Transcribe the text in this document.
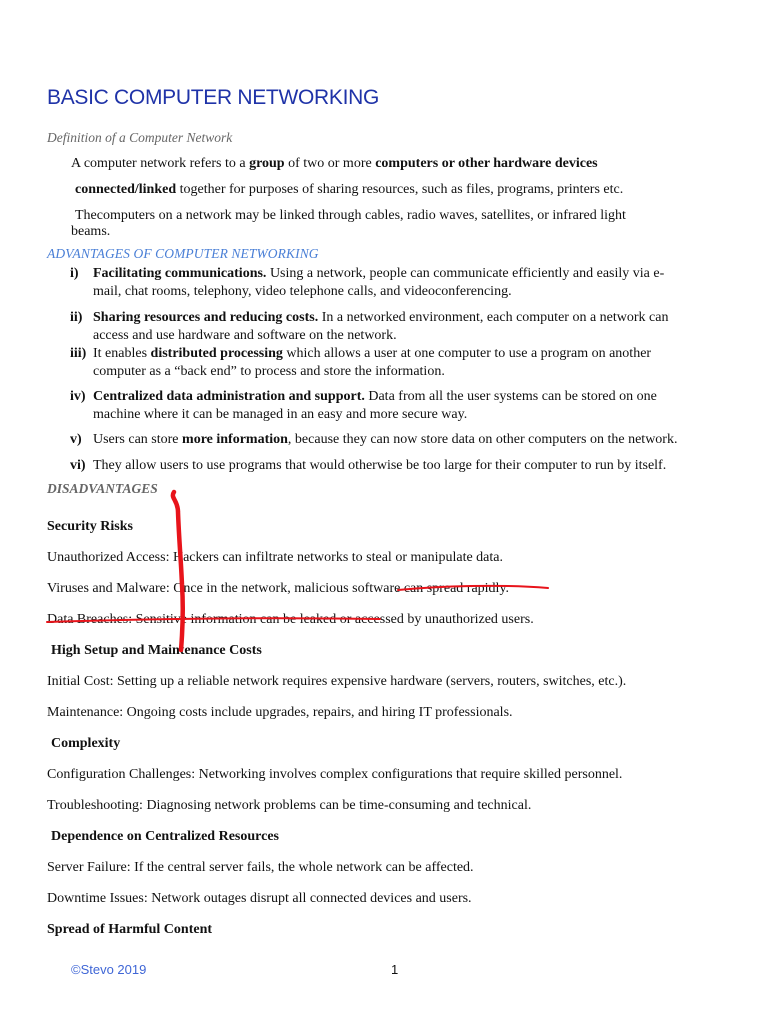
BASIC COMPUTER NETWORKING
Definition of a Computer Network
A computer network refers to a group of two or more computers or other hardware devices
connected/linked together for purposes of sharing resources, such as files, programs, printers etc.
Thecomputers on a network may be linked through cables, radio waves, satellites, or infrared light
beams.
ADVANTAGES OF COMPUTER NETWORKING
i)	Facilitating communications. Using a network, people can communicate efficiently and easily via e-
mail, chat rooms, telephony, video telephone calls, and videoconferencing.
ii) Sharing resources and reducing costs. In a networked environment, each computer on a network can
access and use hardware and software on the network.
iii) It enables distributed processing which allows a user at one computer to use a program on another
computer as a “back end” to process and store the information.
iv) Centralized data administration and support. Data from all the user systems can be stored on one
machine where it can be managed in an easy and more secure way.
v) Users can store more information, because they can now store data on other computers on the network.
vi) They allow users to use programs that would otherwise be too large for their computer to run by itself.
DISADVANTAGES
Security Risks
Unauthorized Access: Hackers can infiltrate networks to steal or manipulate data.
Viruses and Malware: Once in the network, malicious software can spread rapidly.
Data Breaches: Sensitive information can be leaked or accessed by unauthorized users.
High Setup and Maintenance Costs
Initial Cost: Setting up a reliable network requires expensive hardware (servers, routers, switches, etc.).
Maintenance: Ongoing costs include upgrades, repairs, and hiring IT professionals.
Complexity
Configuration Challenges: Networking involves complex configurations that require skilled personnel.
Troubleshooting: Diagnosing network problems can be time-consuming and technical.
Dependence on Centralized Resources
Server Failure: If the central server fails, the whole network can be affected.
Downtime Issues: Network outages disrupt all connected devices and users.
Spread of Harmful Content
©Stevo 2019	1
